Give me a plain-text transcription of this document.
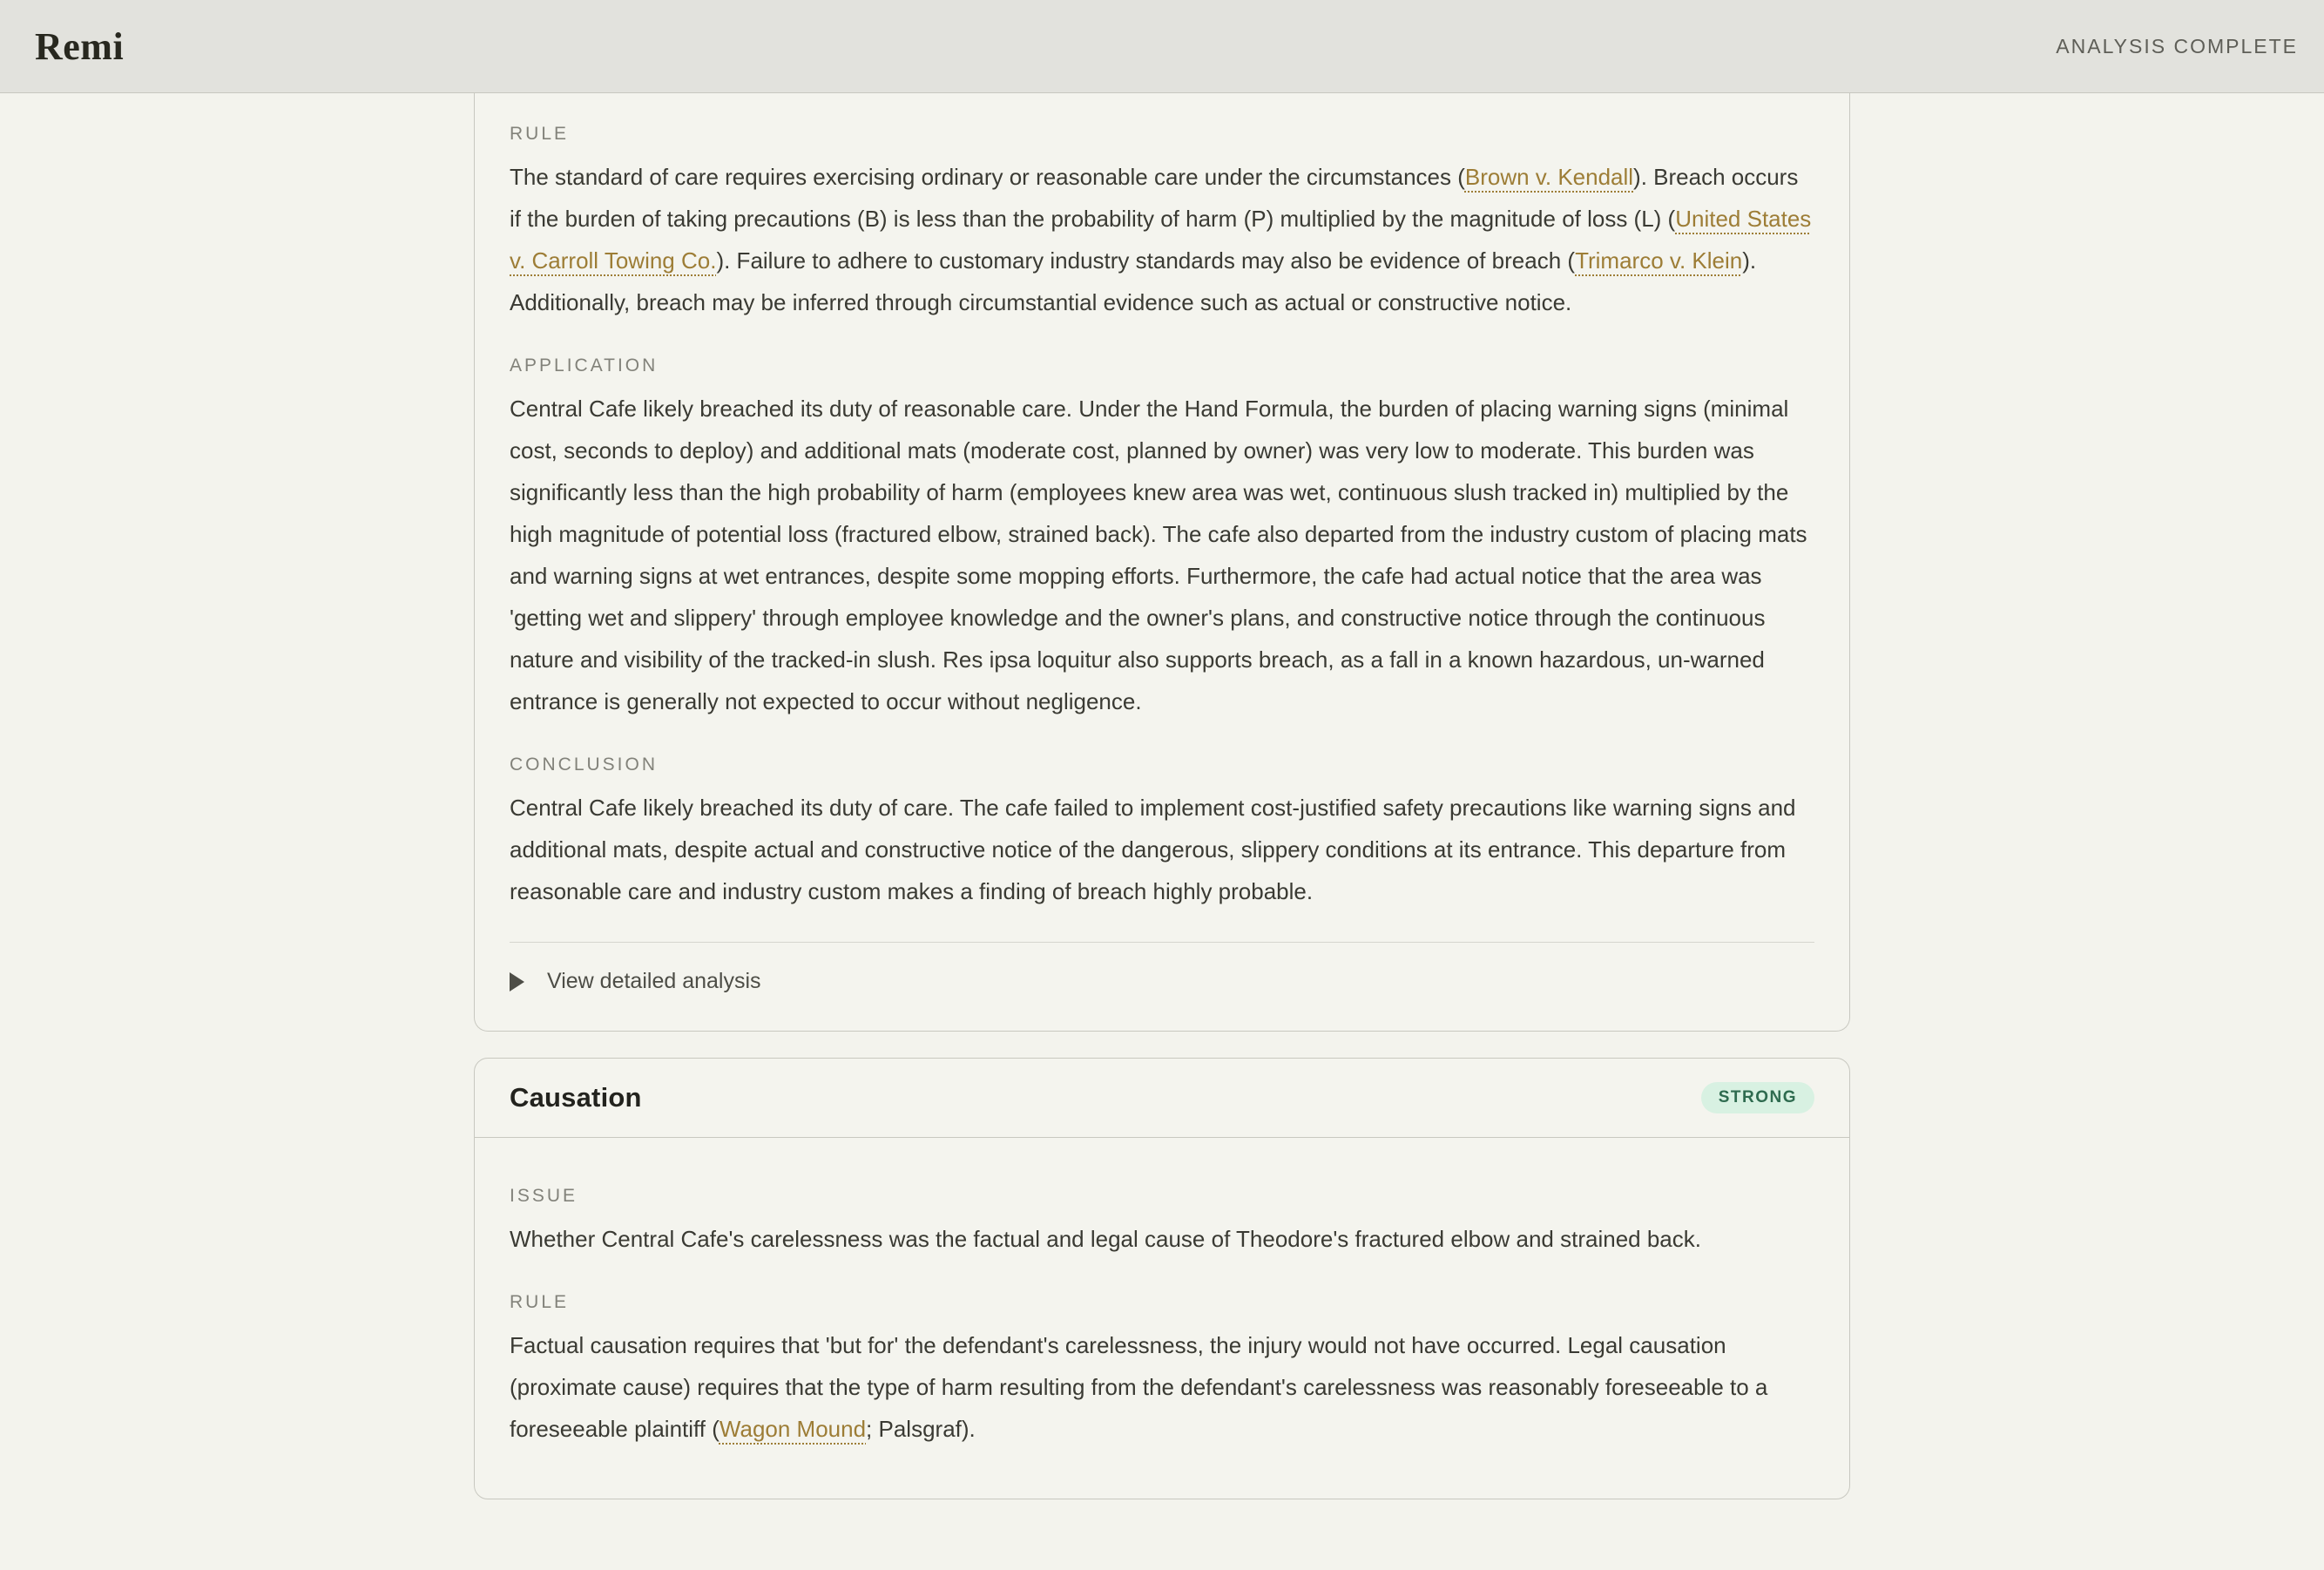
Remi	ANALYSIS COMPLETE
RULE

The standard of care requires exercising ordinary or reasonable care under the circumstances (Brown v. Kendall). Breach occurs if the burden of taking precautions (B) is less than the probability of harm (P) multiplied by the magnitude of loss (L) (United States v. Carroll Towing Co.). Failure to adhere to customary industry standards may also be evidence of breach (Trimarco v. Klein). Additionally, breach may be inferred through circumstantial evidence such as actual or constructive notice.

APPLICATION

Central Cafe likely breached its duty of reasonable care. Under the Hand Formula, the burden of placing warning signs (minimal cost, seconds to deploy) and additional mats (moderate cost, planned by owner) was very low to moderate. This burden was significantly less than the high probability of harm (employees knew area was wet, continuous slush tracked in) multiplied by the high magnitude of potential loss (fractured elbow, strained back). The cafe also departed from the industry custom of placing mats and warning signs at wet entrances, despite some mopping efforts. Furthermore, the cafe had actual notice that the area was 'getting wet and slippery' through employee knowledge and the owner's plans, and constructive notice through the continuous nature and visibility of the tracked-in slush. Res ipsa loquitur also supports breach, as a fall in a known hazardous, un-warned entrance is generally not expected to occur without negligence.

CONCLUSION

Central Cafe likely breached its duty of care. The cafe failed to implement cost-justified safety precautions like warning signs and additional mats, despite actual and constructive notice of the dangerous, slippery conditions at its entrance. This departure from reasonable care and industry custom makes a finding of breach highly probable.

View detailed analysis
Causation	STRONG
ISSUE

Whether Central Cafe's carelessness was the factual and legal cause of Theodore's fractured elbow and strained back.

RULE

Factual causation requires that 'but for' the defendant's carelessness, the injury would not have occurred. Legal causation (proximate cause) requires that the type of harm resulting from the defendant's carelessness was reasonably foreseeable to a foreseeable plaintiff (Wagon Mound; Palsgraf).
